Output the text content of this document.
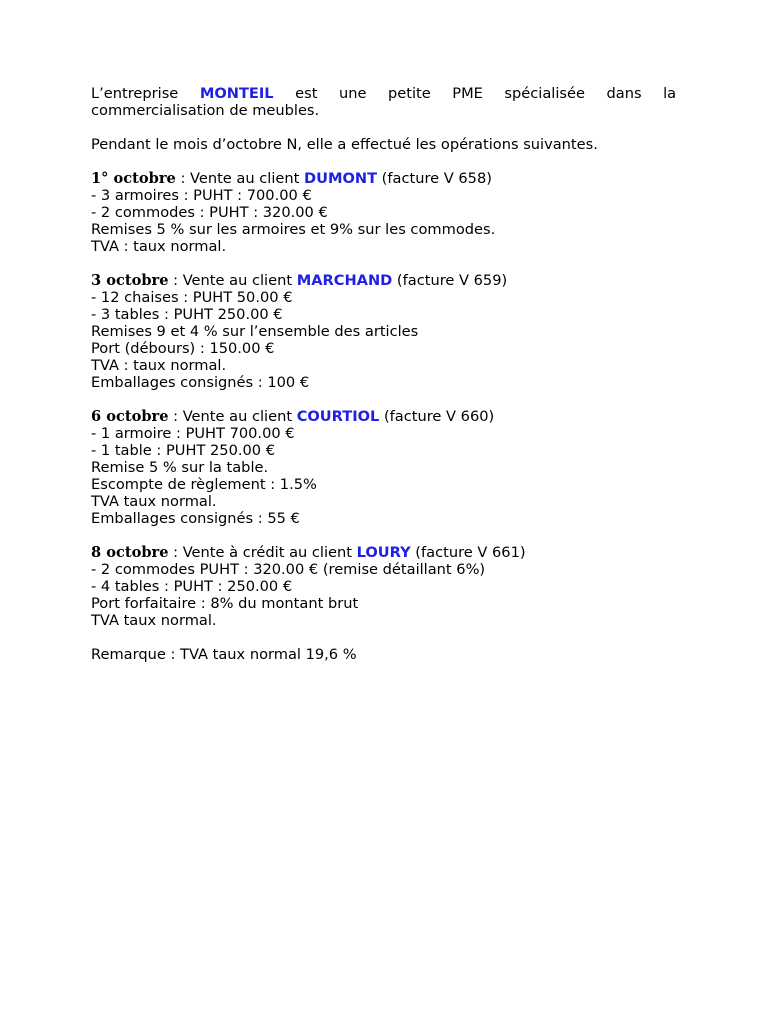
L’entreprise MONTEIL est une petite PME spécialisée dans la
commercialisation de meubles.
Pendant le mois d’octobre N, elle a effectué les opérations suivantes.
1° octobre : Vente au client DUMONT (facture V 658)
- 3 armoires : PUHT : 700.00 €
- 2 commodes : PUHT : 320.00 €
Remises 5 % sur les armoires et 9% sur les commodes.
TVA : taux normal.
3 octobre : Vente au client MARCHAND (facture V 659)
- 12 chaises : PUHT 50.00 €
- 3 tables : PUHT 250.00 €
Remises 9 et 4 % sur l’ensemble des articles
Port (débours) : 150.00 €
TVA : taux normal.
Emballages consignés : 100 €
6 octobre : Vente au client COURTIOL (facture V 660)
- 1 armoire : PUHT 700.00 €
- 1 table : PUHT 250.00 €
Remise 5 % sur la table.
Escompte de règlement : 1.5%
TVA taux normal.
Emballages consignés : 55 €
8 octobre : Vente à crédit au client LOURY (facture V 661)
- 2 commodes PUHT : 320.00 € (remise détaillant 6%)
- 4 tables : PUHT : 250.00 €
Port forfaitaire : 8% du montant brut
TVA taux normal.
Remarque : TVA taux normal 19,6 %
